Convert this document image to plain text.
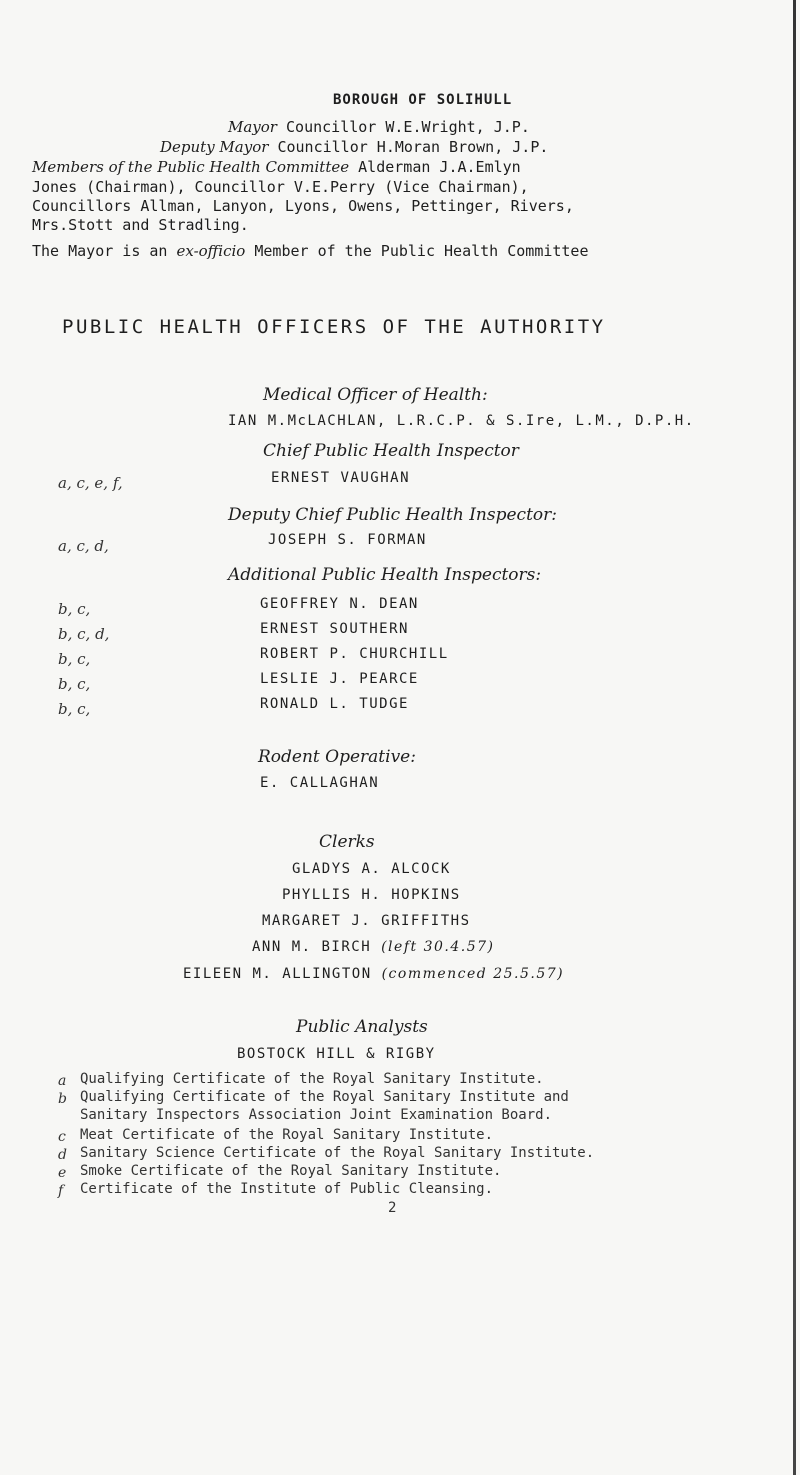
BOROUGH OF SOLIHULL
Mayor Councillor W.E.Wright, J.P.
Deputy Mayor Councillor H.Moran Brown, J.P.
Members of the Public Health Committee Alderman J.A.Emlyn
Jones (Chairman), Councillor V.E.Perry (Vice Chairman),
Councillors Allman, Lanyon, Lyons, Owens, Pettinger, Rivers,
Mrs.Stott and Stradling.
The Mayor is an ex-officio Member of the Public Health Committee
PUBLIC HEALTH OFFICERS OF THE AUTHORITY
Medical Officer of Health:
IAN M.McLACHLAN, L.R.C.P. & S.Ire, L.M., D.P.H.
Chief Public Health Inspector
a, c, e, f,	ERNEST VAUGHAN
Deputy Chief Public Health Inspector:
a, c, d,	JOSEPH S. FORMAN
Additional Public Health Inspectors:
b, c,	GEOFFREY N. DEAN
b, c, d,	ERNEST SOUTHERN
b, c,	ROBERT P. CHURCHILL
b, c,	LESLIE J. PEARCE
b, c,	RONALD L. TUDGE
Rodent Operative:
E. CALLAGHAN
Clerks
GLADYS A. ALCOCK
PHYLLIS H. HOPKINS
MARGARET J. GRIFFITHS
ANN M. BIRCH (left 30.4.57)
EILEEN M. ALLINGTON (commenced 25.5.57)
Public Analysts
BOSTOCK HILL & RIGBY
a Qualifying Certificate of the Royal Sanitary Institute.
b Qualifying Certificate of the Royal Sanitary Institute and
Sanitary Inspectors Association Joint Examination Board.
c Meat Certificate of the Royal Sanitary Institute.
d Sanitary Science Certificate of the Royal Sanitary Institute.
e Smoke Certificate of the Royal Sanitary Institute.
f Certificate of the Institute of Public Cleansing.
2
